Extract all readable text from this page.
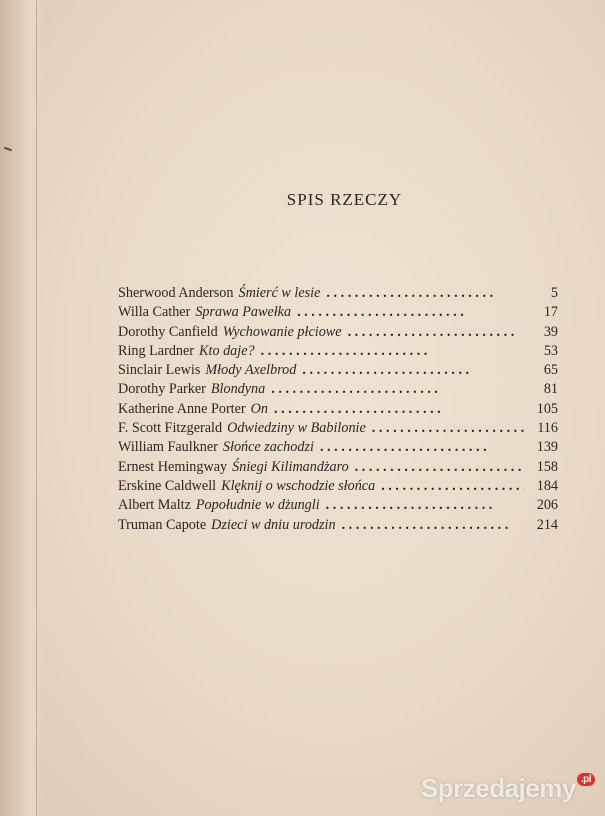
SPIS RZECZY
Sherwood Anderson Śmierć w lesie . .	5
Willa Cather Sprawa Pawełka . .	17
Dorothy Canfield Wychowanie płciowe . .	39
Ring Lardner Kto daje? . .	53
Sinclair Lewis Młody Axelbrod . .	65
Dorothy Parker Blondyna . .	81
Katherine Anne Porter On . .	105
F. Scott Fitzgerald Odwiedziny w Babilonie . .	116
William Faulkner Słońce zachodzi . .	139
Ernest Hemingway Śniegi Kilimandżaro . .	158
Erskine Caldwell Klęknij o wschodzie słońca . .	184
Albert Maltz Popołudnie w dżungli . .	206
Truman Capote Dzieci w dniu urodzin . .	214
Sprzedajemy .pl
